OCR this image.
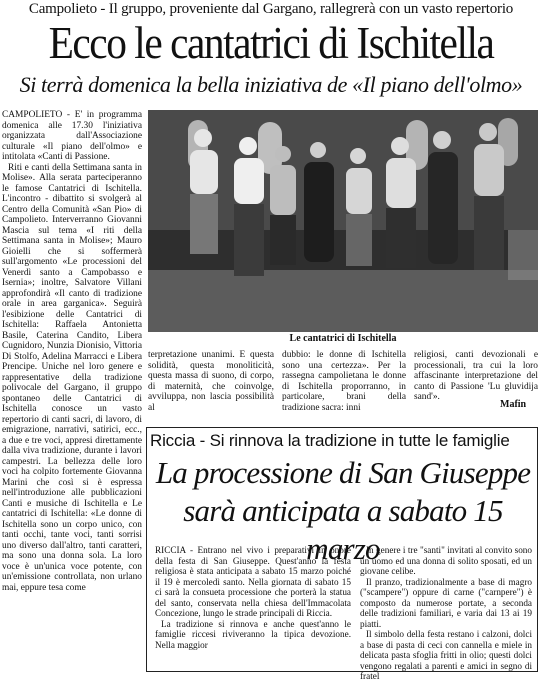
Campolieto - Il gruppo, proveniente dal Gargano, rallegrerà con un vasto repertorio
Ecco le cantatrici di Ischitella
Si terrà domenica la bella iniziativa de «Il piano dell'olmo»

CAMPOLIETO - E' in programma domenica alle 17.30 l'iniziativa organizzata dall'Associazione culturale «Il piano dell'olmo» e intitolata «Canti di Passione.

Riti e canti della Settimana santa in Molise». Alla serata parteciperanno le famose Cantatrici di Ischitella. L'incontro - dibattito si svolgerà al Centro della Comunità «San Pio» di Campolieto. Interverranno Giovanni Mascia sul tema «I riti della Settimana santa in Molise»; Mauro Gioielli che si soffermerà sull'argomento «Le processioni del Venerdì santo a Campobasso e Isernia»; inoltre, Salvatore Villani approfondirà «Il canto di tradizione orale in area garganica». Seguirà l'esibizione delle Cantatrici di Ischitella: Raffaela Antonietta Basile, Caterina Candito, Libera Cugnidoro, Nunzia Dionisio, Vittoria Di Stolfo, Adelina Marracci e Libera Prencipe. Uniche nel loro genere e rappresentative della tradizione polivocale del Gargano, il gruppo spontaneo delle Cantatrici di Ischitella conosce un vasto repertorio di canti sacri, di lavoro, di emigrazione, narrativi, satirici, ecc., a due e tre voci, appresi direttamente dalla viva tradizione, durante i lavori campestri. La bellezza delle loro voci ha colpito fortemente Giovanna Marini che così si è espressa nell'introduzione alle pubblicazioni Canti e musiche di Ischitella e Le cantatrici di Ischitella: «Le donne di Ischitella sono un corpo unico, con tanti occhi, tante voci, tanti sorrisi uno diverso dall'altro, tanti caratteri, ma sono una donna sola. La loro voce è un'unica voce potente, con un'emissione controllata, non urlano mai, eppure tesa come

Le cantatrici di Ischitella

terpretazione unanimi. E questa solidità, questa monoliticità, questa massa di suono, di corpo, di maternità, che coinvolge, avviluppa, non lascia possibilità al

dubbio: le donne di Ischitella sono una certezza». Per la rassegna campolietana le donne di Ischitella proporranno, in particolare, brani della tradizione sacra: inni

religiosi, canti devozionali e processionali, tra cui la loro affascinante interpretazione del canto di Passione 'Lu gluvidija sand'».

Mafin
Riccia - Si rinnova la tradizione in tutte le famiglie
La processione di San Giuseppe
sarà anticipata a sabato 15 marzo

RICCIA - Entrano nel vivo i preparativi in onore della festa di San Giuseppe. Quest'anno la festa religiosa è stata anticipata a sabato 15 marzo poiché il 19 è mercoledì santo. Nella giornata di sabato 15 ci sarà la consueta processione che porterà la statua del santo, conservata nella chiesa dell'Immacolata Concezione, lungo le strade principali di Riccia.

La tradizione si rinnova e anche quest'anno le famiglie riccesi riviveranno la tipica devozione. Nella maggior

In genere i tre "santi" invitati al convito sono un uomo ed una donna di solito sposati, ed un giovane celibe.

Il pranzo, tradizionalmente a base di magro ("scampere") oppure di carne ("carnpere") è composto da numerose portate, a seconda delle tradizioni familiari, e varia dai 13 ai 19 piatti.

Il simbolo della festa restano i calzoni, dolci a base di pasta di ceci con cannella e miele in delicata pasta sfoglia fritti in olio; questi dolci vengono regalati a parenti e amici in segno di fratel
